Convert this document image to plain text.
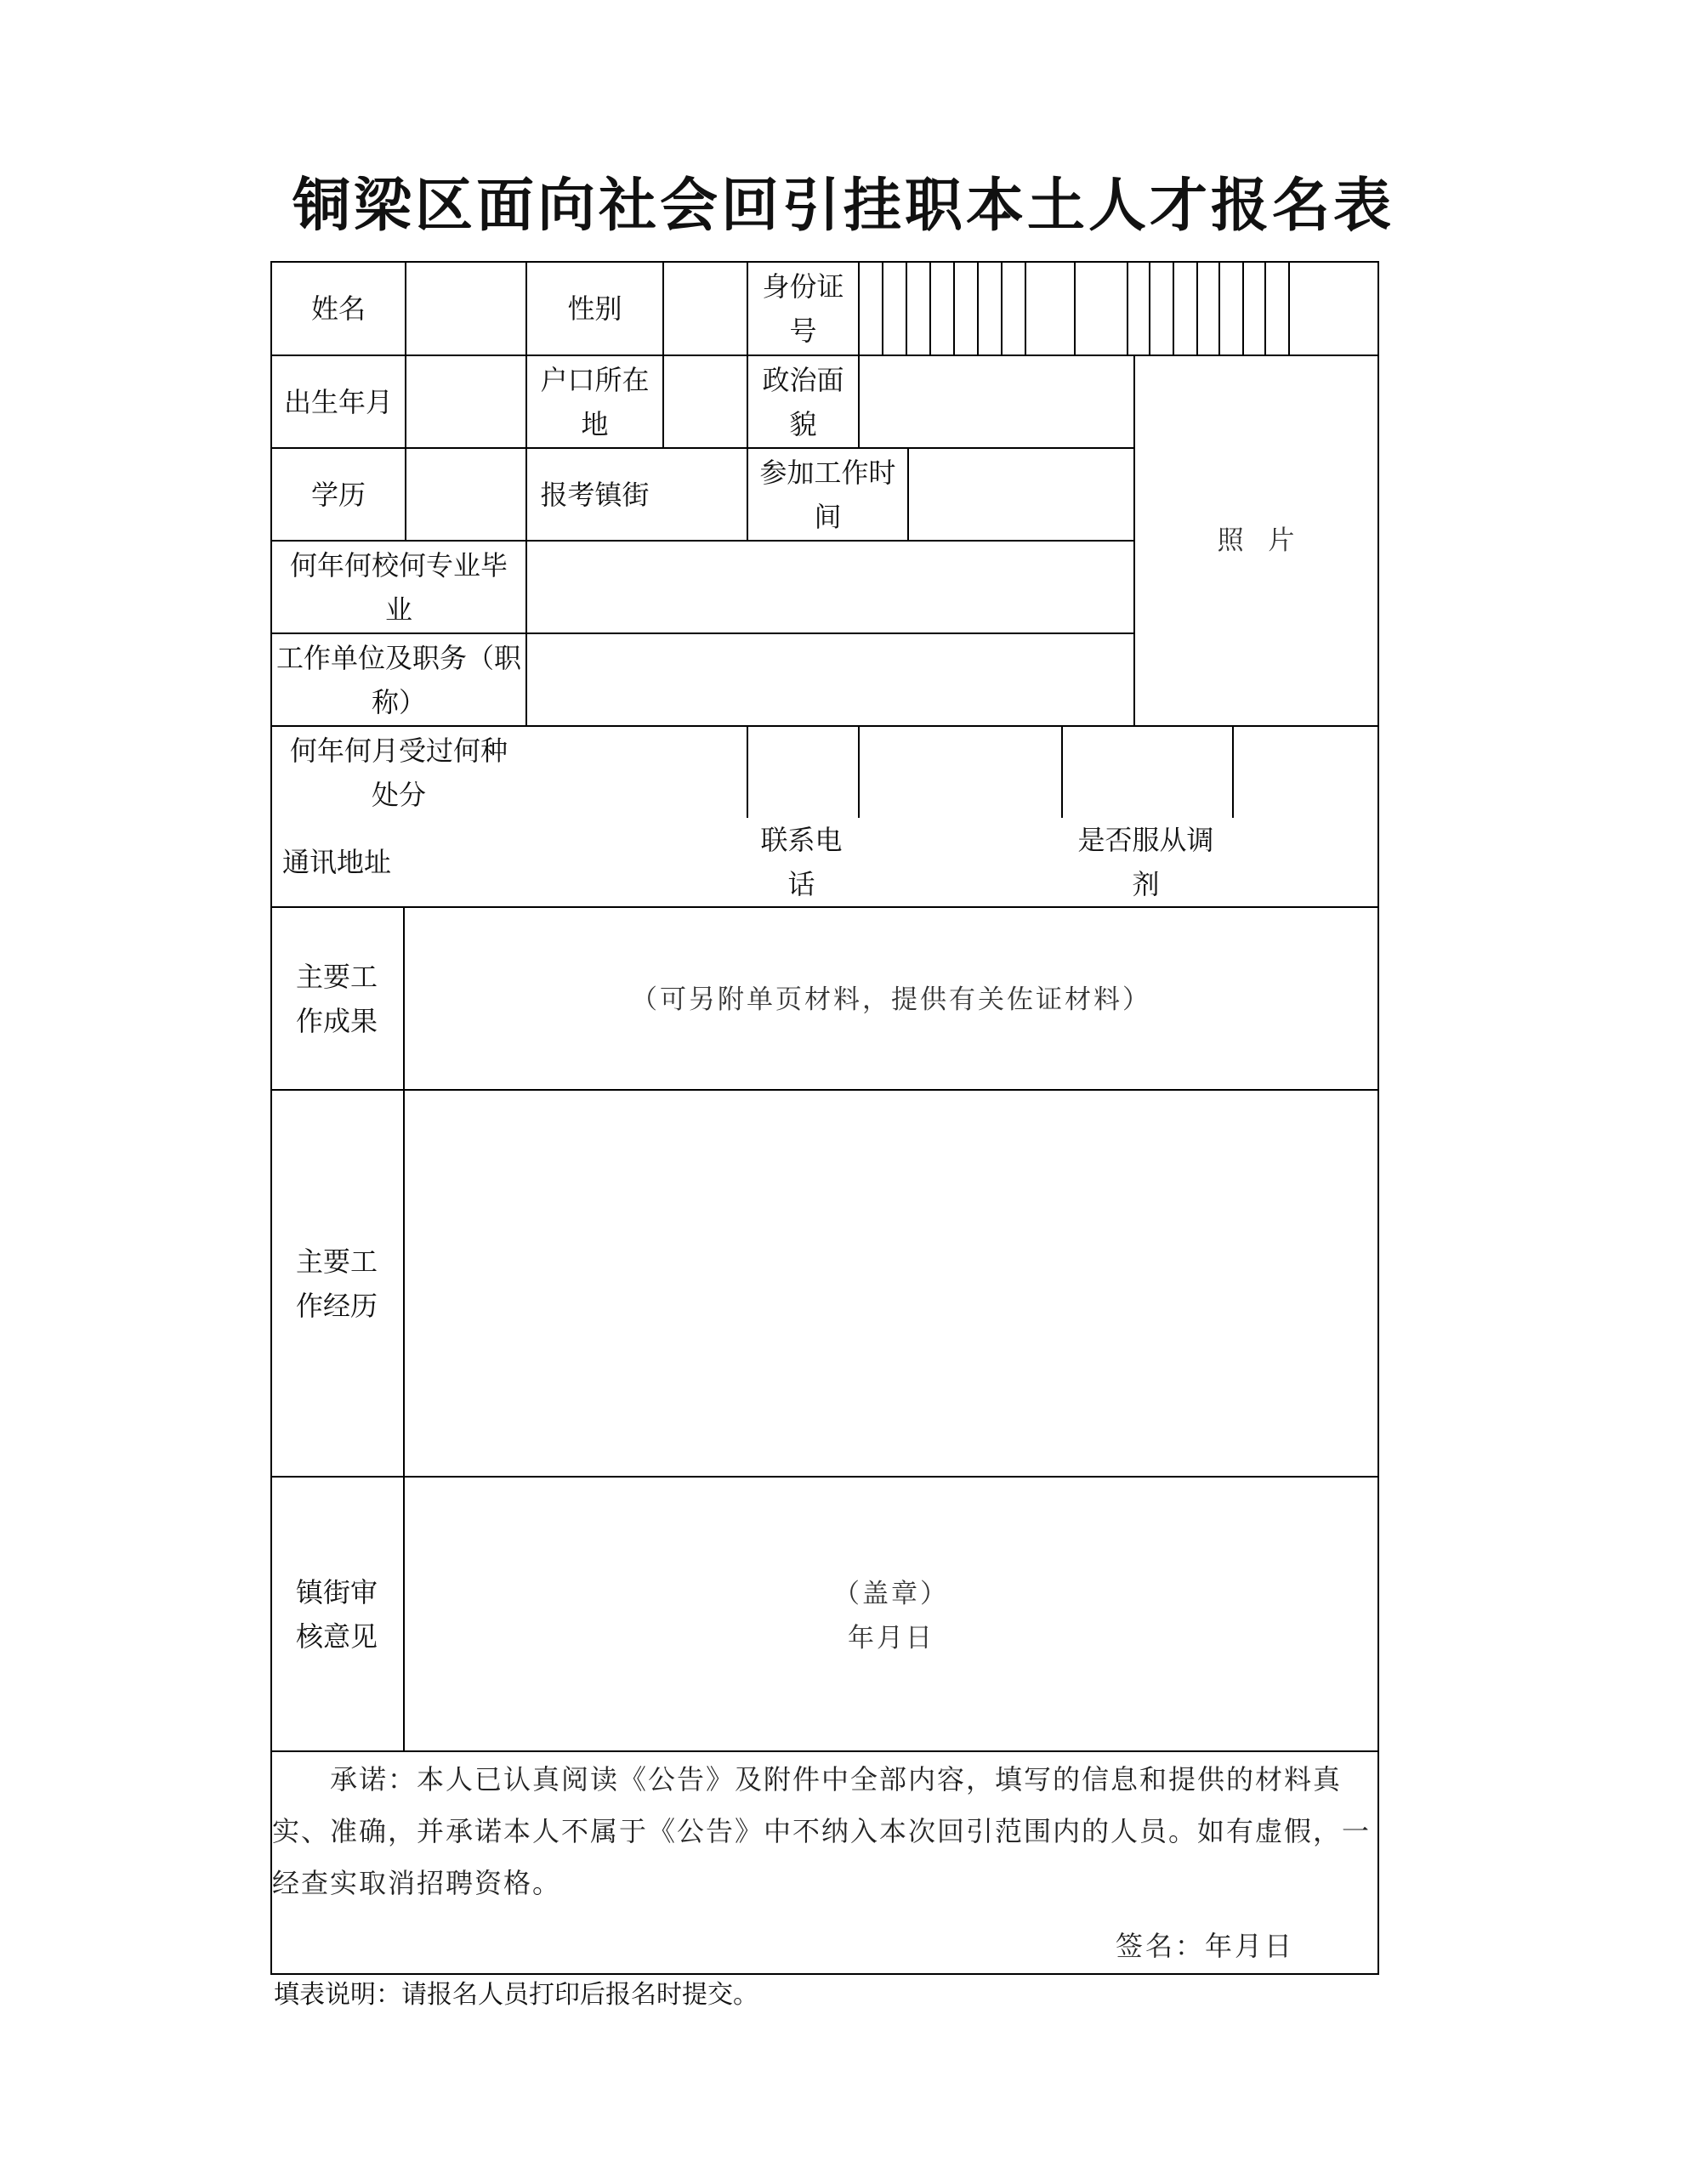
铜梁区面向社会回引挂职本土人才报名表
姓名	性别
身份证号
出生年月
户口所在地
政治面貌
学历	报考镇街
参加工作时间
照  片
何年何校何专业毕业
工作单位及职务（职称）
何年何月受过何种处分
通讯地址
联系电话
是否服从调剂
主要工作成果
（可另附单页材料，提供有关佐证材料）
主要工作经历
镇街审核意见
（盖章）
年月日
承诺：本人已认真阅读《公告》及附件中全部内容，填写的信息和提供的材料真实、准确，并承诺本人不属于《公告》中不纳入本次回引范围内的人员。如有虚假，一经查实取消招聘资格。
签名：年月日
填表说明：请报名人员打印后报名时提交。
